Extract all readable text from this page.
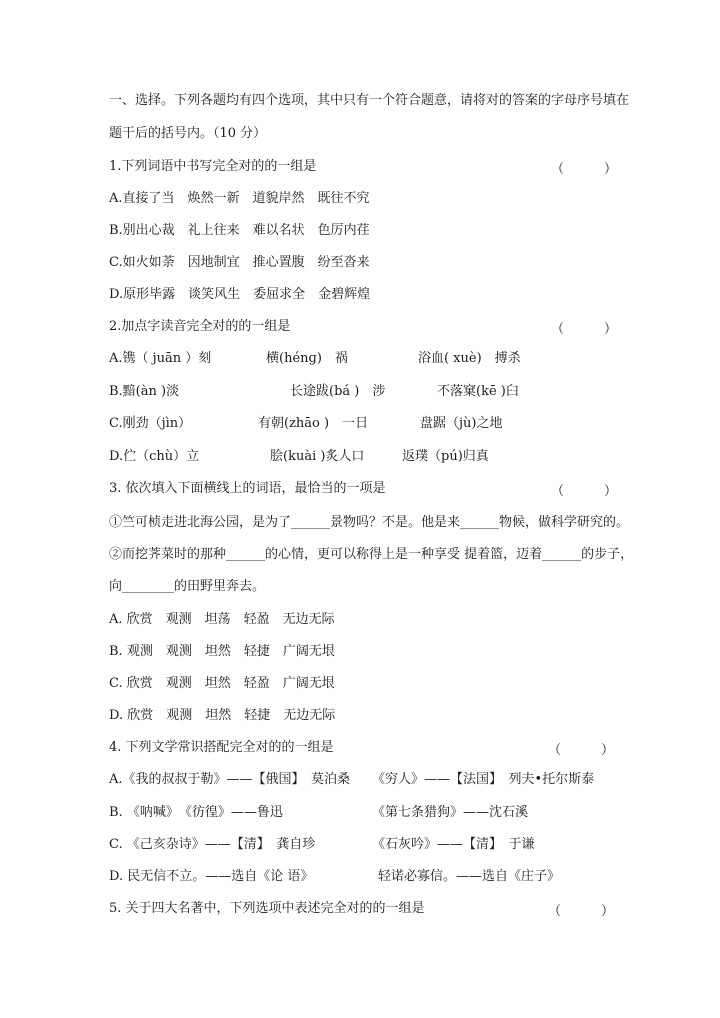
一、选择。下列各题均有四个选项，其中只有一个符合题意，请将对的答案的字母序号填在
题干后的括号内。（10 分）
1.下列词语中书写完全对的的一组是	（	）
A.直接了当　焕然一新　道貌岸然　既往不究
B.别出心裁　礼上往来　难以名状　色厉内荏
C.如火如荼　因地制宜　推心置腹　纷至沓来
D.原形毕露　谈笑风生　委屈求全　金碧辉煌
2.加点字读音完全对的的一组是	（	）
A.镌（ juān ）刻	横(hénɡ)　祸	浴血( xuè)　搏杀
B.黯(àn )淡	长途跋(bá )　涉	不落窠(kē )臼
C.刚劲（jìn）	有朝(zhāo )　一日	盘踞（jù)之地
D.伫（chù）立	脍(kuài )炙人口	返璞（pú)归真
3. 依次填入下面横线上的词语，最恰当的一项是	（	）
①竺可桢走进北海公园，是为了______景物吗？不是。他是来______物候，做科学研究的。
②而挖荠菜时的那种______的心情，更可以称得上是一种享受 提着篮，迈着______的步子，
向________的田野里奔去。
A. 欣赏　观测　坦荡　轻盈　无边无际
B. 观测　观测　坦然　轻捷　广阔无垠
C. 欣赏　观测　坦然　轻盈　广阔无垠
D. 欣赏　观测　坦然　轻捷　无边无际
4. 下列文学常识搭配完全对的的一组是	（	）
A.《我的叔叔于勒》——【俄国】　莫泊桑 《穷人》——【法国】　列夫•托尔斯泰
B. 《呐喊》　《彷徨》——鲁迅	《第七条猎狗》——沈石溪
C. 《己亥杂诗》——【清】　龚自珍	《石灰吟》——【清】　于谦
D. 民无信不立。——选自《论 语》	轻诺必寡信。——选自《庄子》
5. 关于四大名著中，下列选项中表述完全对的的一组是	（	）
